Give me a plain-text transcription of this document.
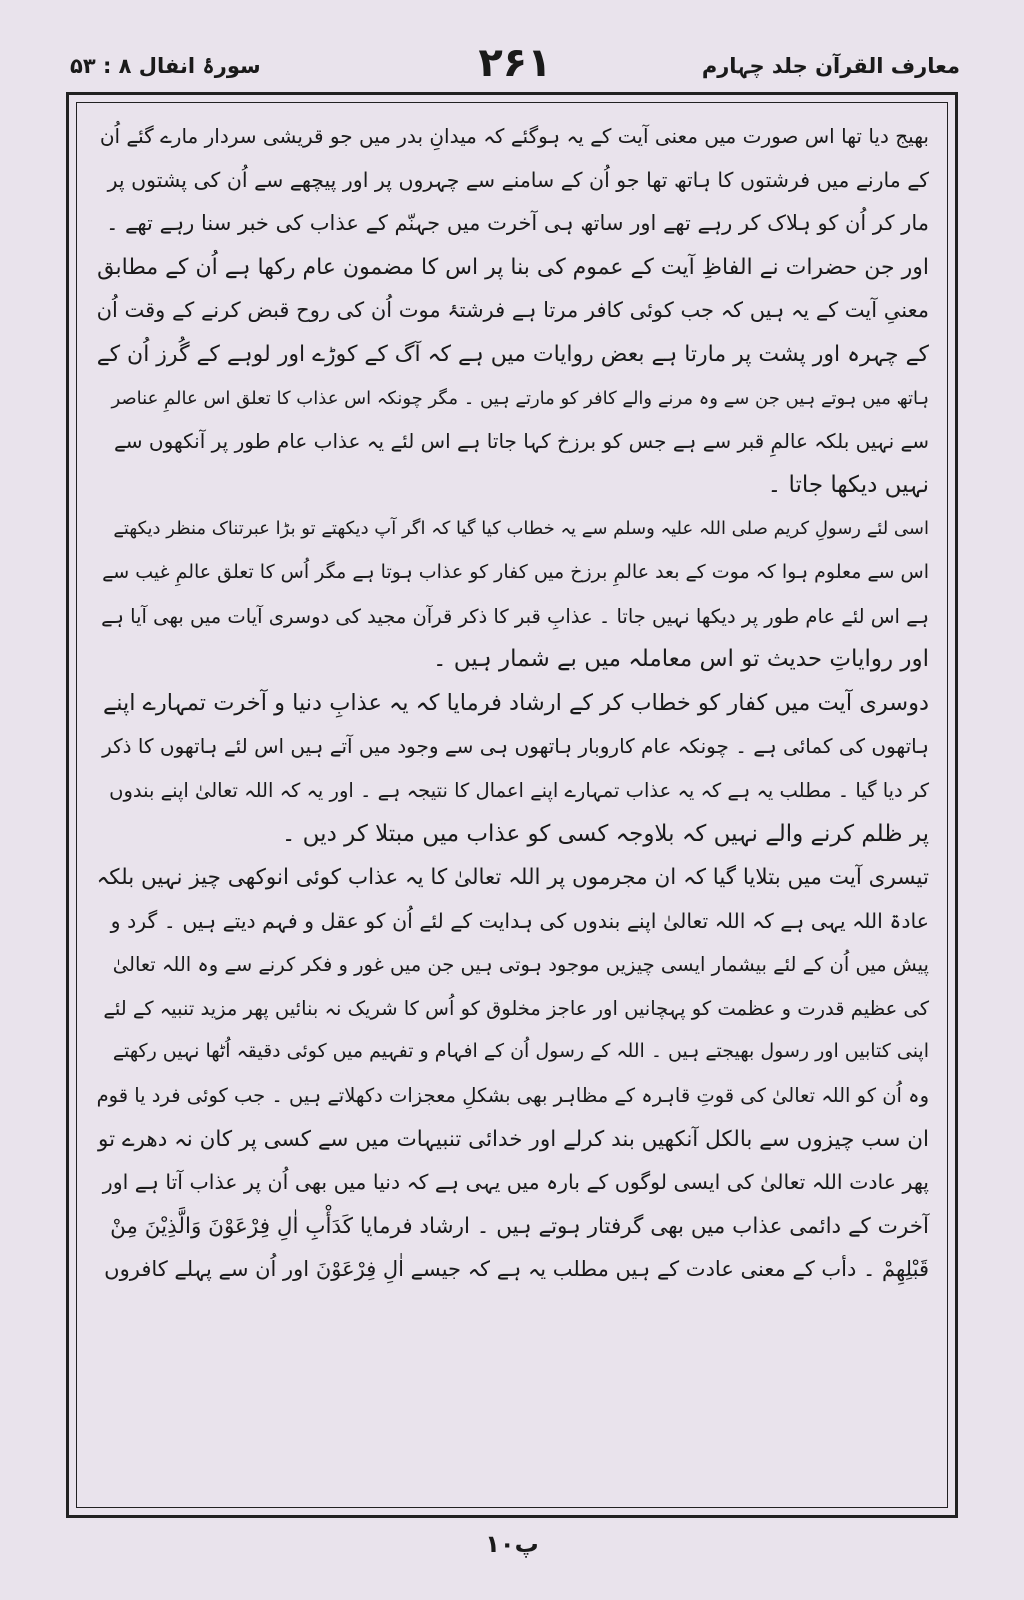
معارف القرآن جلد چہارم
۲۶۱
سورۂ انفال ۸ : ۵۳
بھیج دیا تھا اس صورت میں معنی آیت کے یہ ہوگئے کہ میدانِ بدر میں جو قریشی سردار مارے گئے اُن
کے مارنے میں فرشتوں کا ہاتھ تھا جو اُن کے سامنے سے چہروں پر اور پیچھے سے اُن کی پشتوں پر
مار کر اُن کو ہلاک کر رہے تھے اور ساتھ ہی آخرت میں جہنّم کے عذاب کی خبر سنا رہے تھے ۔
اور جن حضرات نے الفاظِ آیت کے عموم کی بنا پر اس کا مضمون عام رکھا ہے اُن کے مطابق
معنیِ آیت کے یہ ہیں کہ جب کوئی کافر مرتا ہے فرشتۂ موت اُن کی روح قبض کرنے کے وقت اُن
کے چہرہ اور پشت پر مارتا ہے بعض روایات میں ہے کہ آگ کے کوڑے اور لوہے کے گُرز اُن کے
ہاتھ میں ہوتے ہیں جن سے وہ مرنے والے کافر کو مارتے ہیں ۔ مگر چونکہ اس عذاب کا تعلق اس عالمِ عناصر
سے نہیں بلکہ عالمِ قبر سے ہے جس کو برزخ کہا جاتا ہے اس لئے یہ عذاب عام طور پر آنکھوں سے
نہیں دیکھا جاتا ۔
اسی لئے رسولِ کریم صلی اللہ علیہ وسلم سے یہ خطاب کیا گیا کہ اگر آپ دیکھتے تو بڑا عبرتناک منظر دیکھتے
اس سے معلوم ہوا کہ موت کے بعد عالمِ برزخ میں کفار کو عذاب ہوتا ہے مگر اُس کا تعلق عالمِ غیب سے
ہے اس لئے عام طور پر دیکھا نہیں جاتا ۔ عذابِ قبر کا ذکر قرآن مجید کی دوسری آیات میں بھی آیا ہے
اور روایاتِ حدیث تو اس معاملہ میں بے شمار ہیں ۔
دوسری آیت میں کفار کو خطاب کر کے ارشاد فرمایا کہ یہ عذابِ دنیا و آخرت تمہارے اپنے
ہاتھوں کی کمائی ہے ۔ چونکہ عام کاروبار ہاتھوں ہی سے وجود میں آتے ہیں اس لئے ہاتھوں کا ذکر
کر دیا گیا ۔ مطلب یہ ہے کہ یہ عذاب تمہارے اپنے اعمال کا نتیجہ ہے ۔ اور یہ کہ اللہ تعالیٰ اپنے بندوں
پر ظلم کرنے والے نہیں کہ بلاوجہ کسی کو عذاب میں مبتلا کر دیں ۔
تیسری آیت میں بتلایا گیا کہ ان مجرموں پر اللہ تعالیٰ کا یہ عذاب کوئی انوکھی چیز نہیں بلکہ
عادۃ اللہ یہی ہے کہ اللہ تعالیٰ اپنے بندوں کی ہدایت کے لئے اُن کو عقل و فہم دیتے ہیں ۔ گرد و
پیش میں اُن کے لئے بیشمار ایسی چیزیں موجود ہوتی ہیں جن میں غور و فکر کرنے سے وہ اللہ تعالیٰ
کی عظیم قدرت و عظمت کو پہچانیں اور عاجز مخلوق کو اُس کا شریک نہ بنائیں پھر مزید تنبیہ کے لئے
اپنی کتابیں اور رسول بھیجتے ہیں ۔ اللہ کے رسول اُن کے افہام و تفہیم میں کوئی دقیقہ اُٹھا نہیں رکھتے
وہ اُن کو اللہ تعالیٰ کی قوتِ قاہرہ کے مظاہر بھی بشکلِ معجزات دکھلاتے ہیں ۔ جب کوئی فرد یا قوم
ان سب چیزوں سے بالکل آنکھیں بند کرلے اور خدائی تنبیہات میں سے کسی پر کان نہ دھرے تو
پھر عادت اللہ تعالیٰ کی ایسی لوگوں کے بارہ میں یہی ہے کہ دنیا میں بھی اُن پر عذاب آتا ہے اور
آخرت کے دائمی عذاب میں بھی گرفتار ہوتے ہیں ۔ ارشاد فرمایا كَدَأْبِ اٰلِ فِرْعَوْنَ وَالَّذِيْنَ مِنْ
قَبْلِهِمْ ۔ دأب کے معنی عادت کے ہیں مطلب یہ ہے کہ جیسے اٰلِ فِرْعَوْنَ اور اُن سے پہلے کافروں
پ۱۰
